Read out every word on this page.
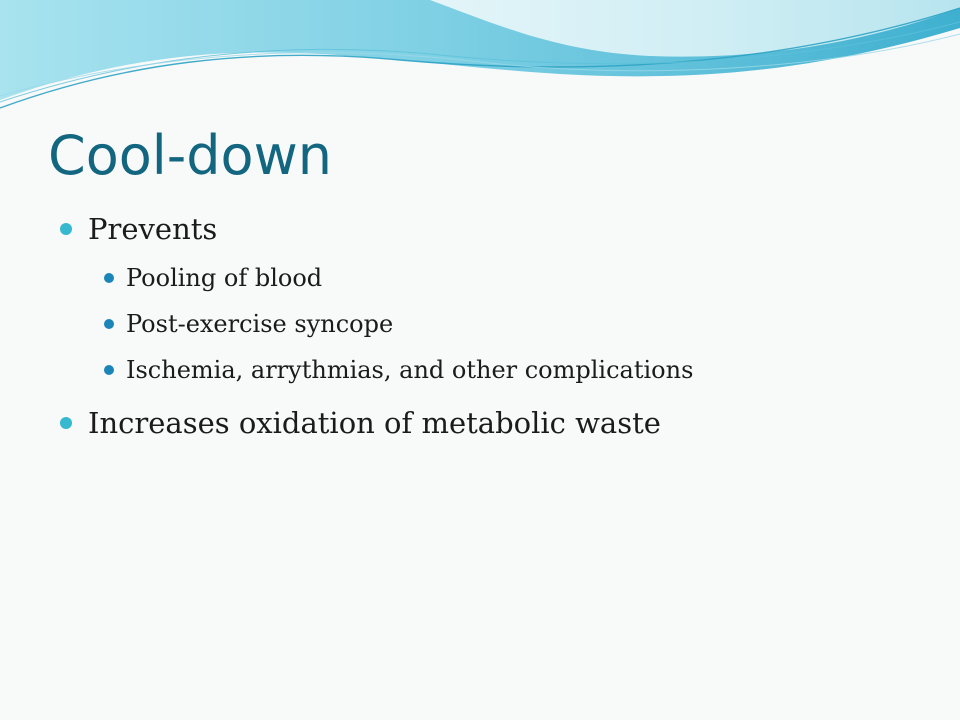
Cool-down
Prevents
Pooling of blood
Post-exercise syncope
Ischemia, arrythmias, and other complications
Increases oxidation of metabolic waste
